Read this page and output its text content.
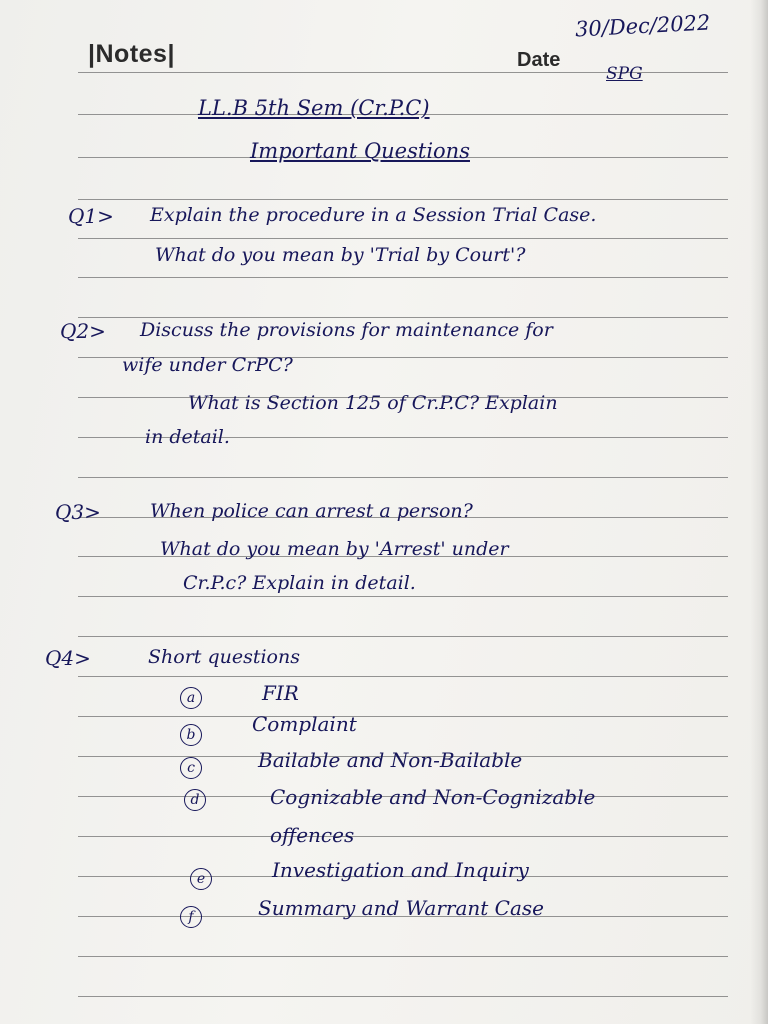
|Notes|	Date
30/Dec/2022
SPG
LL.B 5th Sem (Cr.P.C)
Important Questions
Q1> Explain the procedure in a Session Trial Case.
What do you mean by 'Trial by Court'?
Q2> Discuss the provisions for maintenance for
wife under CrPC?
What is Section 125 of Cr.P.C? Explain
in detail.
Q3>	When police can arrest a person?
What do you mean by 'Arrest' under
Cr.P.c? Explain in detail.
Q4>	Short questions
a	FIR
b	Complaint
c	Bailable and Non-Bailable
d	Cognizable and Non-Cognizable
offences
e	Investigation and Inquiry
f	Summary and Warrant Case
